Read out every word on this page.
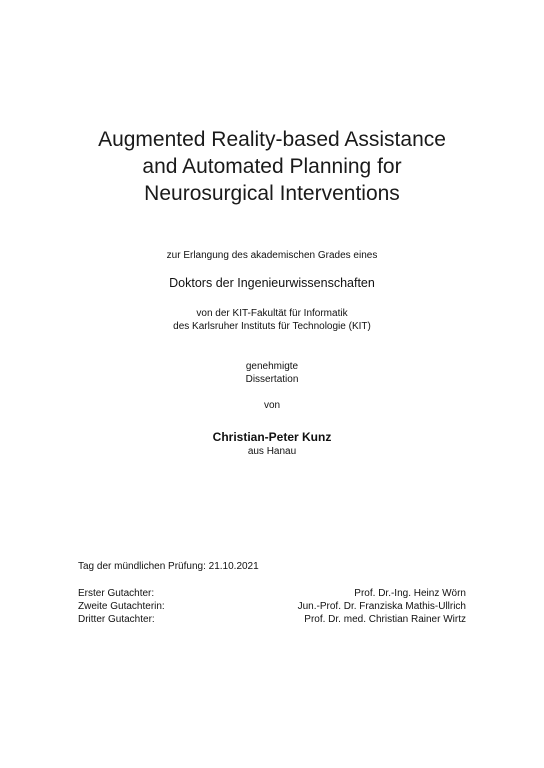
Augmented Reality-based Assistance
and Automated Planning for
Neurosurgical Interventions
zur Erlangung des akademischen Grades eines
Doktors der Ingenieurwissenschaften
von der KIT-Fakultät für Informatik
des Karlsruher Instituts für Technologie (KIT)
genehmigte
Dissertation
von
Christian-Peter Kunz
aus Hanau
Tag der mündlichen Prüfung: 21.10.2021
Erster Gutachter:	Prof. Dr.-Ing. Heinz Wörn
Zweite Gutachterin:	Jun.-Prof. Dr. Franziska Mathis-Ullrich
Dritter Gutachter:	Prof. Dr. med. Christian Rainer Wirtz
